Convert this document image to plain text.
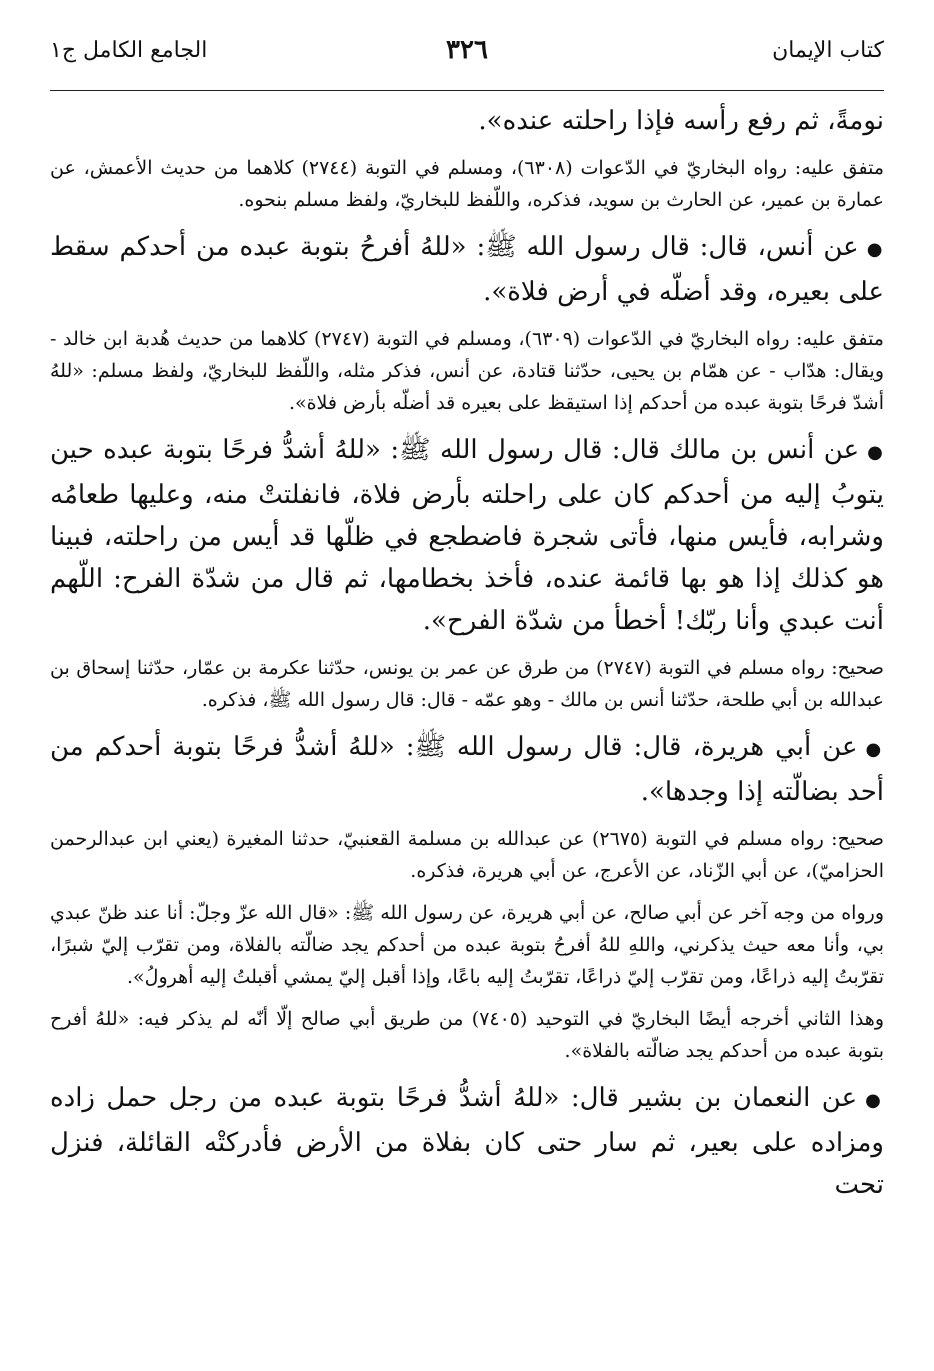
كتاب الإيمان
٣٢٦
الجامع الكامل ج١

نومةً، ثم رفع رأسه فإذا راحلته عنده».

متفق عليه: رواه البخاريّ في الدّعوات (٦٣٠٨)، ومسلم في التوبة (٢٧٤٤) كلاهما من حديث الأعمش، عن عمارة بن عمير، عن الحارث بن سويد، فذكره، واللّفظ للبخاريّ، ولفظ مسلم بنحوه.

●عن أنس، قال: قال رسول الله ﷺ: «للهُ أفرحُ بتوبة عبده من أحدكم سقط على بعيره، وقد أضلّه في أرض فلاة».

متفق عليه: رواه البخاريّ في الدّعوات (٦٣٠٩)، ومسلم في التوبة (٢٧٤٧) كلاهما من حديث هُدبة ابن خالد - ويقال: هدّاب - عن همّام بن يحيى، حدّثنا قتادة، عن أنس، فذكر مثله، واللّفظ للبخاريّ، ولفظ مسلم: «للهُ أشدّ فرحًا بتوبة عبده من أحدكم إذا استيقظ على بعيره قد أضلّه بأرض فلاة».

●عن أنس بن مالك قال: قال رسول الله ﷺ: «للهُ أشدُّ فرحًا بتوبة عبده حين يتوبُ إليه من أحدكم كان على راحلته بأرض فلاة، فانفلتتْ منه، وعليها طعامُه وشرابه، فأيس منها، فأتى شجرة فاضطجع في ظلّها قد أيس من راحلته، فبينا هو كذلك إذا هو بها قائمة عنده، فأخذ بخطامها، ثم قال من شدّة الفرح: اللّهم أنت عبدي وأنا ربّك! أخطأ من شدّة الفرح».

صحيح: رواه مسلم في التوبة (٢٧٤٧) من طرق عن عمر بن يونس، حدّثنا عكرمة بن عمّار، حدّثنا إسحاق بن عبدالله بن أبي طلحة، حدّثنا أنس بن مالك - وهو عمّه - قال: قال رسول الله ﷺ، فذكره.

●عن أبي هريرة، قال: قال رسول الله ﷺ: «للهُ أشدُّ فرحًا بتوبة أحدكم من أحد بضالّته إذا وجدها».

صحيح: رواه مسلم في التوبة (٢٦٧٥) عن عبدالله بن مسلمة القعنبيّ، حدثنا المغيرة (يعني ابن عبدالرحمن الحزاميّ)، عن أبي الزّناد، عن الأعرج، عن أبي هريرة، فذكره.

ورواه من وجه آخر عن أبي صالح، عن أبي هريرة، عن رسول الله ﷺ: «قال الله عزّ وجلّ: أنا عند ظنّ عبدي بي، وأنا معه حيث يذكرني، واللهِ للهُ أفرحُ بتوبة عبده من أحدكم يجد ضالّته بالفلاة، ومن تقرّب إليّ شبرًا، تقرّبتُ إليه ذراعًا، ومن تقرّب إليّ ذراعًا، تقرّبتُ إليه باعًا، وإذا أقبل إليّ يمشي أقبلتُ إليه أهرولُ».

وهذا الثاني أخرجه أيضًا البخاريّ في التوحيد (٧٤٠٥) من طريق أبي صالح إلّا أنّه لم يذكر فيه: «للهُ أفرح بتوبة عبده من أحدكم يجد ضالّته بالفلاة».

●عن النعمان بن بشير قال: «للهُ أشدُّ فرحًا بتوبة عبده من رجل حمل زاده ومزاده على بعير، ثم سار حتى كان بفلاة من الأرض فأدركتْه القائلة، فنزل تحت
